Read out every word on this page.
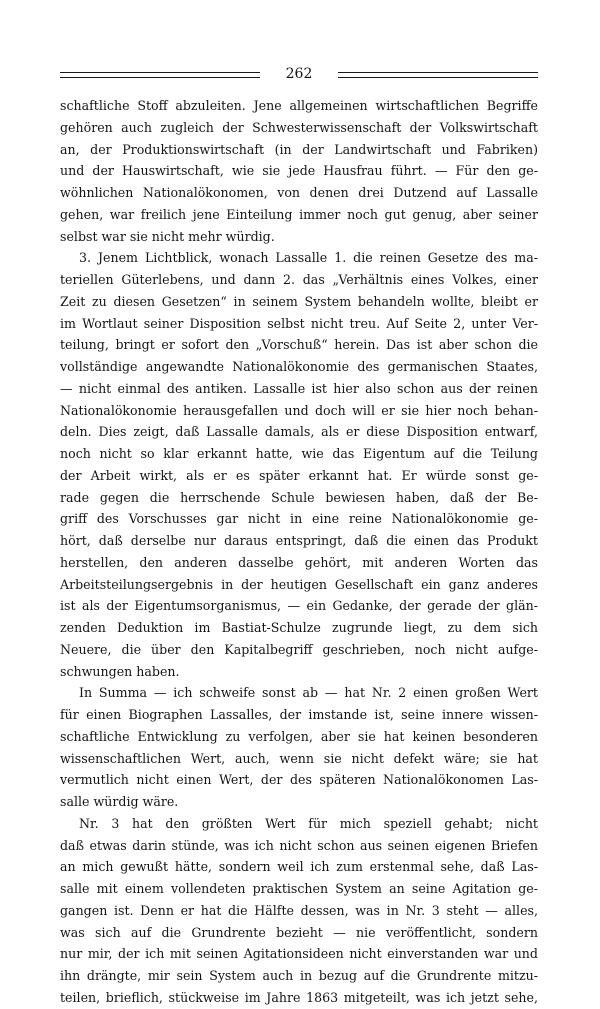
262
schaftliche Stoff abzuleiten. Jene allgemeinen wirtschaftlichen Begriffe
gehören auch zugleich der Schwesterwissenschaft der Volkswirtschaft
an, der Produktionswirtschaft (in der Landwirtschaft und Fabriken)
und der Hauswirtschaft, wie sie jede Hausfrau führt. — Für den ge-
wöhnlichen Nationalökonomen, von denen drei Dutzend auf Lassalle
gehen, war freilich jene Einteilung immer noch gut genug, aber seiner
selbst war sie nicht mehr würdig.
3. Jenem Lichtblick, wonach Lassalle 1. die reinen Gesetze des ma-
teriellen Güterlebens, und dann 2. das „Verhältnis eines Volkes, einer
Zeit zu diesen Gesetzen“ in seinem System behandeln wollte, bleibt er
im Wortlaut seiner Disposition selbst nicht treu. Auf Seite 2, unter Ver-
teilung, bringt er sofort den „Vorschuß“ herein. Das ist aber schon die
vollständige angewandte Nationalökonomie des germanischen Staates,
— nicht einmal des antiken. Lassalle ist hier also schon aus der reinen
Nationalökonomie herausgefallen und doch will er sie hier noch behan-
deln. Dies zeigt, daß Lassalle damals, als er diese Disposition entwarf,
noch nicht so klar erkannt hatte, wie das Eigentum auf die Teilung
der Arbeit wirkt, als er es später erkannt hat. Er würde sonst ge-
rade gegen die herrschende Schule bewiesen haben, daß der Be-
griff des Vorschusses gar nicht in eine reine Nationalökonomie ge-
hört, daß derselbe nur daraus entspringt, daß die einen das Produkt
herstellen, den anderen dasselbe gehört, mit anderen Worten das
Arbeitsteilungsergebnis in der heutigen Gesellschaft ein ganz anderes
ist als der Eigentumsorganismus, — ein Gedanke, der gerade der glän-
zenden Deduktion im Bastiat-Schulze zugrunde liegt, zu dem sich
Neuere, die über den Kapitalbegriff geschrieben, noch nicht aufge-
schwungen haben.
In Summa — ich schweife sonst ab — hat Nr. 2 einen großen Wert
für einen Biographen Lassalles, der imstande ist, seine innere wissen-
schaftliche Entwicklung zu verfolgen, aber sie hat keinen besonderen
wissenschaftlichen Wert, auch, wenn sie nicht defekt wäre; sie hat
vermutlich nicht einen Wert, der des späteren Nationalökonomen Las-
salle würdig wäre.
Nr. 3 hat den größten Wert für mich speziell gehabt; nicht
daß etwas darin stünde, was ich nicht schon aus seinen eigenen Briefen
an mich gewußt hätte, sondern weil ich zum erstenmal sehe, daß Las-
salle mit einem vollendeten praktischen System an seine Agitation ge-
gangen ist. Denn er hat die Hälfte dessen, was in Nr. 3 steht — alles,
was sich auf die Grundrente bezieht — nie veröffentlicht, sondern
nur mir, der ich mit seinen Agitationsideen nicht einverstanden war und
ihn drängte, mir sein System auch in bezug auf die Grundrente mitzu-
teilen, brieflich, stückweise im Jahre 1863 mitgeteilt, was ich jetzt sehe,
